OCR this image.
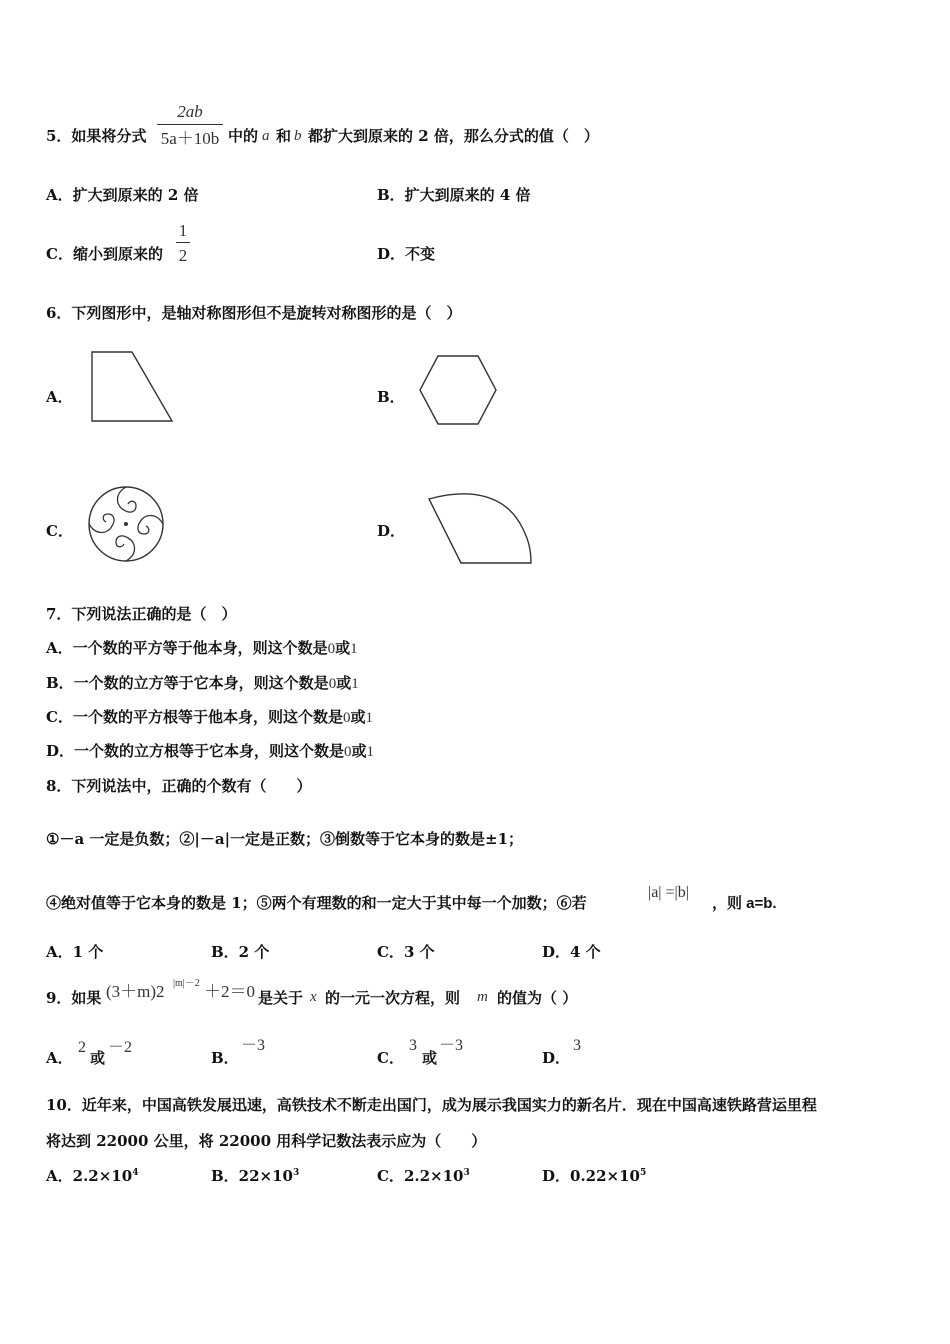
5．如果将分式
2ab
5a＋10b 中的 a 和 b 都扩大到原来的 2 倍，那么分式的值（　）
A．扩大到原来的 2 倍	B．扩大到原来的 4 倍
C．缩小到原来的
1
2	D．不变
6．下列图形中，是轴对称图形但不是旋转对称图形的是（　）
A．	B．
C．	D．
7．下列说法正确的是（　）
A．一个数的平方等于他本身，则这个数是0或1
B．一个数的立方等于它本身，则这个数是0或1
C．一个数的平方根等于他本身，则这个数是0或1
D．一个数的立方根等于它本身，则这个数是0或1
8．下列说法中，正确的个数有（　　）
①－a 一定是负数；②|－a|一定是正数；③倒数等于它本身的数是±1；
④绝对值等于它本身的数是 1；⑤两个有理数的和一定大于其中每一个加数；⑥若
|a| =|b|
，则 a=b.
A．1 个	B．2 个	C．3 个	D．4 个
9．如果 (3＋m)2 |m|－2 ＋2＝0 是关于 x 的一元一次方程，则 m 的值为（ ）
A．
2
或
－2
B．
－3
C．
3
或
－3
D．
3
10．近年来，中国高铁发展迅速，高铁技术不断走出国门，成为展示我国实力的新名片．现在中国高速铁路营运里程
将达到 22000 公里，将 22000 用科学记数法表示应为（　　）
A．$2.2\times 10^4$	B．$22\times 10^3$	C．$2.2\times 10^3$	D．$0.22\times 10^5$
